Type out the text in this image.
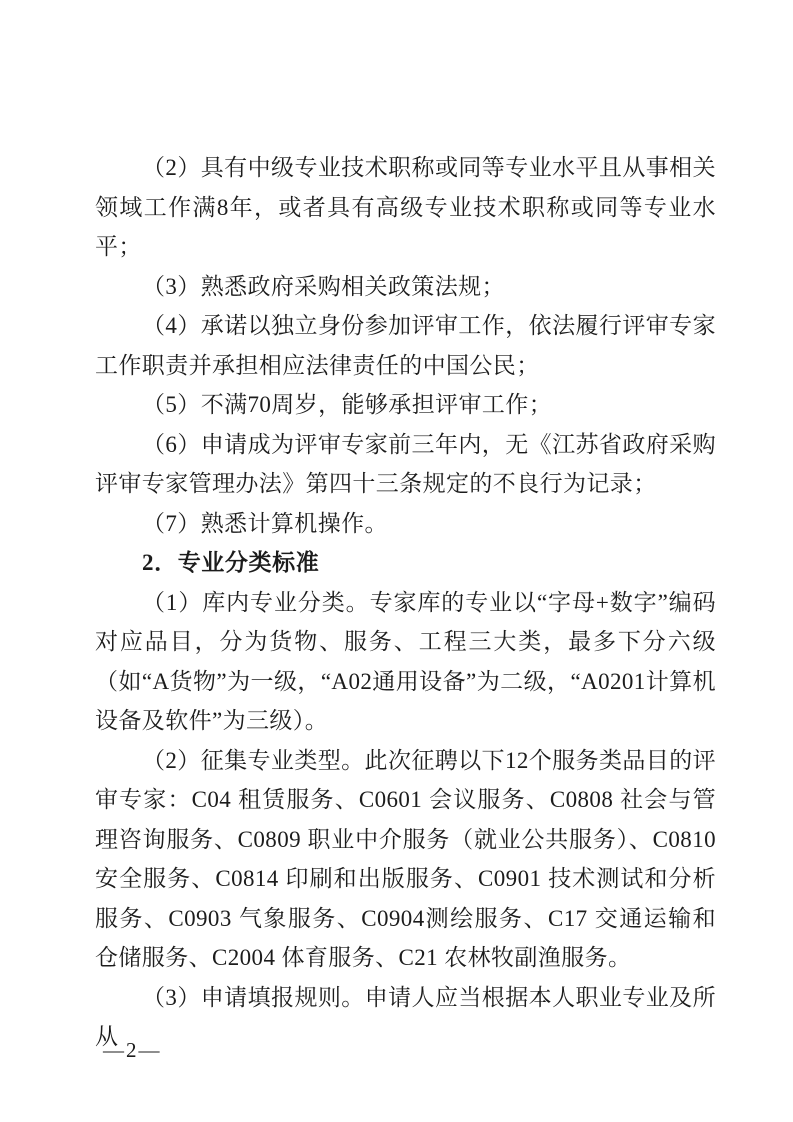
（2）具有中级专业技术职称或同等专业水平且从事相关领域工作满8年，或者具有高级专业技术职称或同等专业水平；
（3）熟悉政府采购相关政策法规；
（4）承诺以独立身份参加评审工作，依法履行评审专家工作职责并承担相应法律责任的中国公民；
（5）不满70周岁，能够承担评审工作；
（6）申请成为评审专家前三年内，无《江苏省政府采购评审专家管理办法》第四十三条规定的不良行为记录；
（7）熟悉计算机操作。
2．专业分类标准
（1）库内专业分类。专家库的专业以“字母+数字”编码对应品目，分为货物、服务、工程三大类，最多下分六级（如“A货物”为一级，“A02通用设备”为二级，“A0201计算机设备及软件”为三级）。
（2）征集专业类型。此次征聘以下12个服务类品目的评审专家：C04 租赁服务、C0601 会议服务、C0808 社会与管理咨询服务、C0809 职业中介服务（就业公共服务）、C0810 安全服务、C0814 印刷和出版服务、C0901 技术测试和分析服务、C0903 气象服务、C0904测绘服务、C17 交通运输和仓储服务、C2004 体育服务、C21 农林牧副渔服务。
（3）申请填报规则。申请人应当根据本人职业专业及所从
—2—
